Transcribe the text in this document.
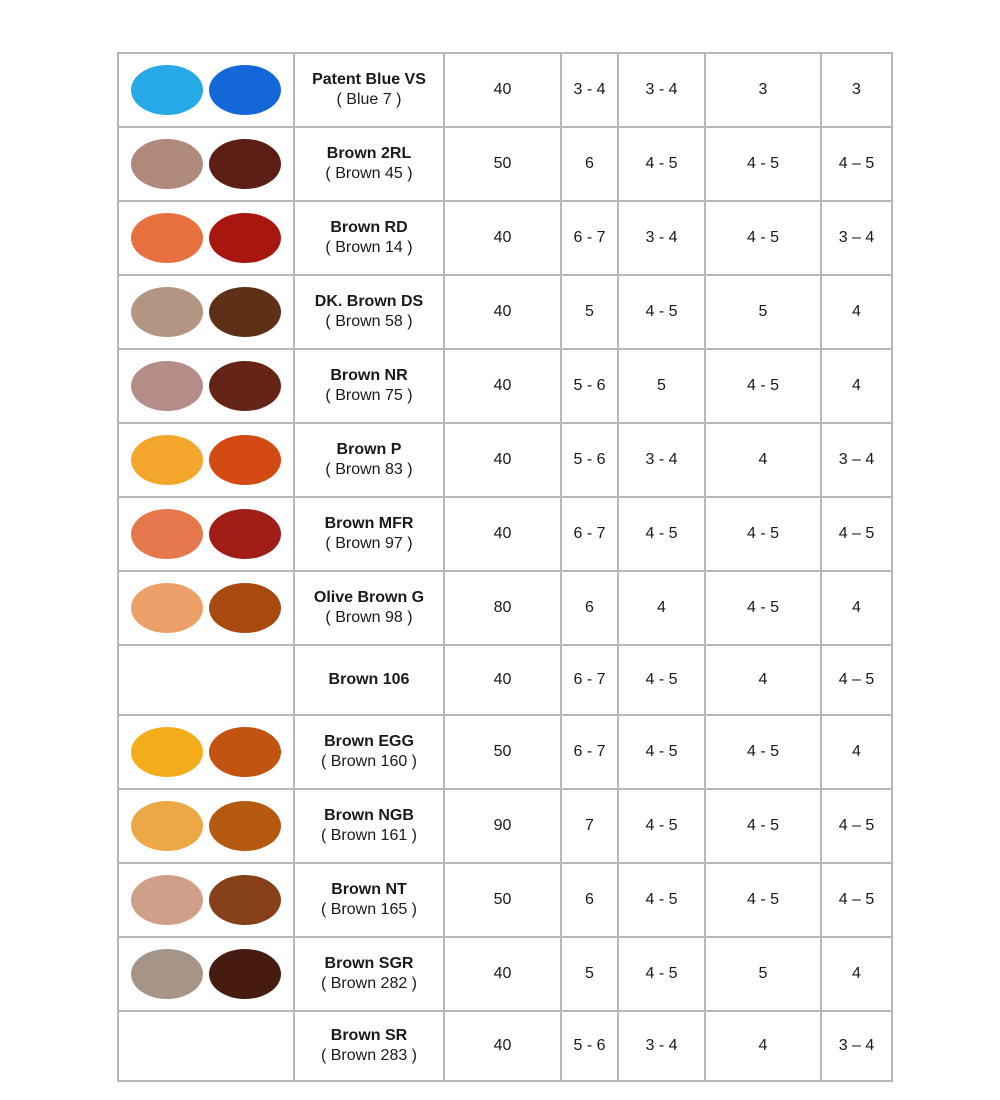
	Patent Blue VS
( Blue 7 )	40	3 - 4	3 - 4	3	3

	Brown 2RL
( Brown 45 )	50	6	4 - 5	4 - 5	4 – 5

	Brown RD
( Brown 14 )	40	6 - 7	3 - 4	4 - 5	3 – 4

	DK. Brown DS
( Brown 58 )	40	5	4 - 5	5	4

	Brown NR
( Brown 75 )	40	5 - 6	5	4 - 5	4

	Brown P
( Brown 83 )	40	5 - 6	3 - 4	4	3 – 4

	Brown MFR
( Brown 97 )	40	6 - 7	4 - 5	4 - 5	4 – 5

	Olive Brown G
( Brown 98 )	80	6	4	4 - 5	4

	Brown 106	40	6 - 7	4 - 5	4	4 – 5

	Brown EGG
( Brown 160 )	50	6 - 7	4 - 5	4 - 5	4

	Brown NGB
( Brown 161 )	90	7	4 - 5	4 - 5	4 – 5

	Brown NT
( Brown 165 )	50	6	4 - 5	4 - 5	4 – 5

	Brown SGR
( Brown 282 )	40	5	4 - 5	5	4

	Brown SR
( Brown 283 )	40	5 - 6	3 - 4	4	3 – 4
